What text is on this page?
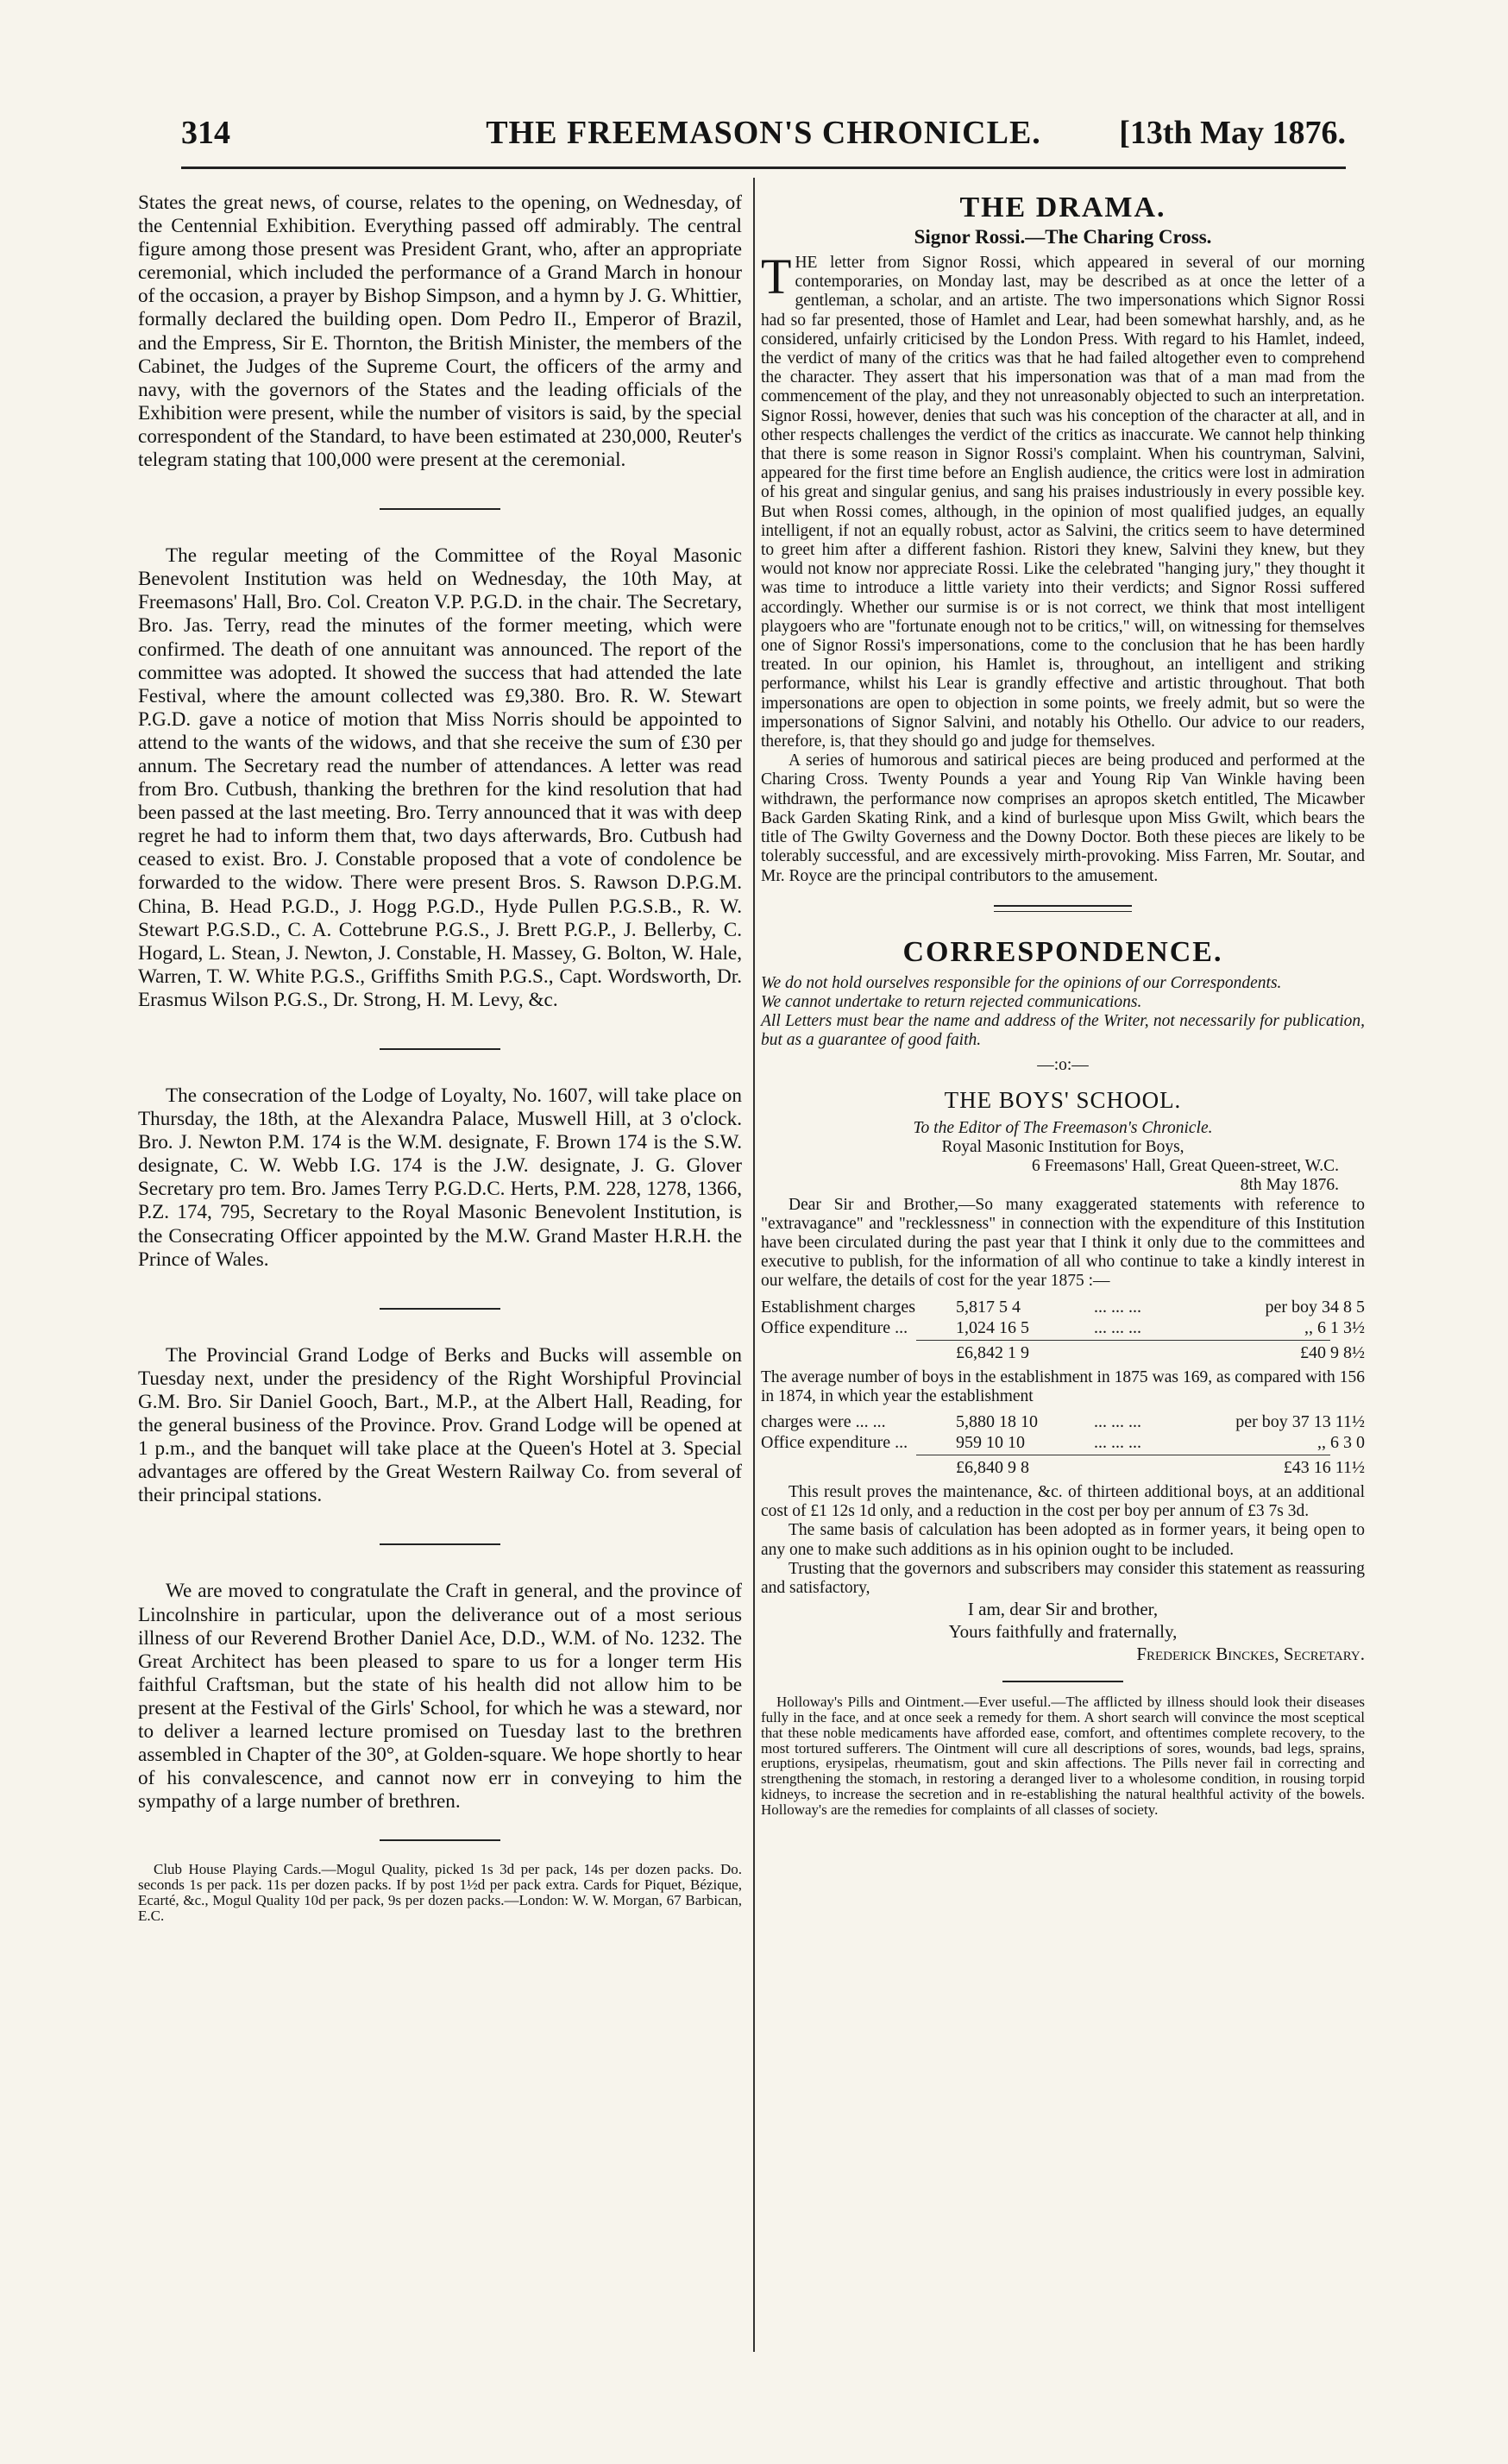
314	THE FREEMASON'S CHRONICLE.	[13th May 1876.

States the great news, of course, relates to the opening, on Wednesday, of the Centennial Exhibition. Everything passed off admirably. The central figure among those present was President Grant, who, after an appropriate ceremonial, which included the performance of a Grand March in honour of the occasion, a prayer by Bishop Simpson, and a hymn by J. G. Whittier, formally declared the building open. Dom Pedro II., Emperor of Brazil, and the Empress, Sir E. Thornton, the British Minister, the members of the Cabinet, the Judges of the Supreme Court, the officers of the army and navy, with the governors of the States and the leading officials of the Exhibition were present, while the number of visitors is said, by the special correspondent of the Standard, to have been estimated at 230,000, Reuter's telegram stating that 100,000 were present at the ceremonial.

The regular meeting of the Committee of the Royal Masonic Benevolent Institution was held on Wednesday, the 10th May, at Freemasons' Hall, Bro. Col. Creaton V.P. P.G.D. in the chair. The Secretary, Bro. Jas. Terry, read the minutes of the former meeting, which were confirmed. The death of one annuitant was announced. The report of the committee was adopted. It showed the success that had attended the late Festival, where the amount collected was £9,380. Bro. R. W. Stewart P.G.D. gave a notice of motion that Miss Norris should be appointed to attend to the wants of the widows, and that she receive the sum of £30 per annum. The Secretary read the number of attendances. A letter was read from Bro. Cutbush, thanking the brethren for the kind resolution that had been passed at the last meeting. Bro. Terry announced that it was with deep regret he had to inform them that, two days afterwards, Bro. Cutbush had ceased to exist. Bro. J. Constable proposed that a vote of condolence be forwarded to the widow. There were present Bros. S. Rawson D.P.G.M. China, B. Head P.G.D., J. Hogg P.G.D., Hyde Pullen P.G.S.B., R. W. Stewart P.G.S.D., C. A. Cottebrune P.G.S., J. Brett P.G.P., J. Bellerby, C. Hogard, L. Stean, J. Newton, J. Constable, H. Massey, G. Bolton, W. Hale, Warren, T. W. White P.G.S., Griffiths Smith P.G.S., Capt. Wordsworth, Dr. Erasmus Wilson P.G.S., Dr. Strong, H. M. Levy, &c.

The consecration of the Lodge of Loyalty, No. 1607, will take place on Thursday, the 18th, at the Alexandra Palace, Muswell Hill, at 3 o'clock. Bro. J. Newton P.M. 174 is the W.M. designate, F. Brown 174 is the S.W. designate, C. W. Webb I.G. 174 is the J.W. designate, J. G. Glover Secretary pro tem. Bro. James Terry P.G.D.C. Herts, P.M. 228, 1278, 1366, P.Z. 174, 795, Secretary to the Royal Masonic Benevolent Institution, is the Consecrating Officer appointed by the M.W. Grand Master H.R.H. the Prince of Wales.

The Provincial Grand Lodge of Berks and Bucks will assemble on Tuesday next, under the presidency of the Right Worshipful Provincial G.M. Bro. Sir Daniel Gooch, Bart., M.P., at the Albert Hall, Reading, for the general business of the Province. Prov. Grand Lodge will be opened at 1 p.m., and the banquet will take place at the Queen's Hotel at 3. Special advantages are offered by the Great Western Railway Co. from several of their principal stations.

We are moved to congratulate the Craft in general, and the province of Lincolnshire in particular, upon the deliverance out of a most serious illness of our Reverend Brother Daniel Ace, D.D., W.M. of No. 1232. The Great Architect has been pleased to spare to us for a longer term His faithful Craftsman, but the state of his health did not allow him to be present at the Festival of the Girls' School, for which he was a steward, nor to deliver a learned lecture promised on Tuesday last to the brethren assembled in Chapter of the 30°, at Golden-square. We hope shortly to hear of his convalescence, and cannot now err in conveying to him the sympathy of a large number of brethren.

Club House Playing Cards.—Mogul Quality, picked 1s 3d per pack, 14s per dozen packs. Do. seconds 1s per pack. 11s per dozen packs. If by post 1½d per pack extra. Cards for Piquet, Bézique, Ecarté, &c., Mogul Quality 10d per pack, 9s per dozen packs.—London: W. W. Morgan, 67 Barbican, E.C.

THE DRAMA.
Signor Rossi.—The Charing Cross.

THE letter from Signor Rossi, which appeared in several of our morning contemporaries, on Monday last, may be described as at once the letter of a gentleman, a scholar, and an artiste. The two impersonations which Signor Rossi had so far presented, those of Hamlet and Lear, had been somewhat harshly, and, as he considered, unfairly criticised by the London Press. With regard to his Hamlet, indeed, the verdict of many of the critics was that he had failed altogether even to comprehend the character. They assert that his impersonation was that of a man mad from the commencement of the play, and they not unreasonably objected to such an interpretation. Signor Rossi, however, denies that such was his conception of the character at all, and in other respects challenges the verdict of the critics as inaccurate. We cannot help thinking that there is some reason in Signor Rossi's complaint. When his countryman, Salvini, appeared for the first time before an English audience, the critics were lost in admiration of his great and singular genius, and sang his praises industriously in every possible key. But when Rossi comes, although, in the opinion of most qualified judges, an equally intelligent, if not an equally robust, actor as Salvini, the critics seem to have determined to greet him after a different fashion. Ristori they knew, Salvini they knew, but they would not know nor appreciate Rossi. Like the celebrated "hanging jury," they thought it was time to introduce a little variety into their verdicts; and Signor Rossi suffered accordingly. Whether our surmise is or is not correct, we think that most intelligent playgoers who are "fortunate enough not to be critics," will, on witnessing for themselves one of Signor Rossi's impersonations, come to the conclusion that he has been hardly treated. In our opinion, his Hamlet is, throughout, an intelligent and striking performance, whilst his Lear is grandly effective and artistic throughout. That both impersonations are open to objection in some points, we freely admit, but so were the impersonations of Signor Salvini, and notably his Othello. Our advice to our readers, therefore, is, that they should go and judge for themselves.

A series of humorous and satirical pieces are being produced and performed at the Charing Cross. Twenty Pounds a year and Young Rip Van Winkle having been withdrawn, the performance now comprises an apropos sketch entitled, The Micawber Back Garden Skating Rink, and a kind of burlesque upon Miss Gwilt, which bears the title of The Gwilty Governess and the Downy Doctor. Both these pieces are likely to be tolerably successful, and are excessively mirth-provoking. Miss Farren, Mr. Soutar, and Mr. Royce are the principal contributors to the amusement.

CORRESPONDENCE.

We do not hold ourselves responsible for the opinions of our Correspondents.

We cannot undertake to return rejected communications.

All Letters must bear the name and address of the Writer, not necessarily for publication, but as a guarantee of good faith.

—:o:—
THE BOYS' SCHOOL.
To the Editor of The Freemason's Chronicle.
Royal Masonic Institution for Boys,
6 Freemasons' Hall, Great Queen-street, W.C.
8th May 1876.

Dear Sir and Brother,—So many exaggerated statements with reference to "extravagance" and "recklessness" in connection with the expenditure of this Institution have been circulated during the past year that I think it only due to the committees and executive to publish, for the information of all who continue to take a kindly interest in our welfare, the details of cost for the year 1875 :—

Establishment charges	5,817 5 4	... ... ...	per boy 34 8 5
Office expenditure ...	1,024 16 5	... ... ...	,, 6 1 3½
£6,842 1 9	£40 9 8½

The average number of boys in the establishment in 1875 was 169, as compared with 156 in 1874, in which year the establishment

charges were ... ...	5,880 18 10	... ... ...	per boy 37 13 11½
Office expenditure ...	959 10 10	... ... ...	,, 6 3 0
£6,840 9 8	£43 16 11½

This result proves the maintenance, &c. of thirteen additional boys, at an additional cost of £1 12s 1d only, and a reduction in the cost per boy per annum of £3 7s 3d.

The same basis of calculation has been adopted as in former years, it being open to any one to make such additions as in his opinion ought to be included.

Trusting that the governors and subscribers may consider this statement as reassuring and satisfactory,

I am, dear Sir and brother,
Yours faithfully and fraternally,
Frederick Binckes, Secretary.

Holloway's Pills and Ointment.—Ever useful.—The afflicted by illness should look their diseases fully in the face, and at once seek a remedy for them. A short search will convince the most sceptical that these noble medicaments have afforded ease, comfort, and oftentimes complete recovery, to the most tortured sufferers. The Ointment will cure all descriptions of sores, wounds, bad legs, sprains, eruptions, erysipelas, rheumatism, gout and skin affections. The Pills never fail in correcting and strengthening the stomach, in restoring a deranged liver to a wholesome condition, in rousing torpid kidneys, to increase the secretion and in re-establishing the natural healthful activity of the bowels. Holloway's are the remedies for complaints of all classes of society.
